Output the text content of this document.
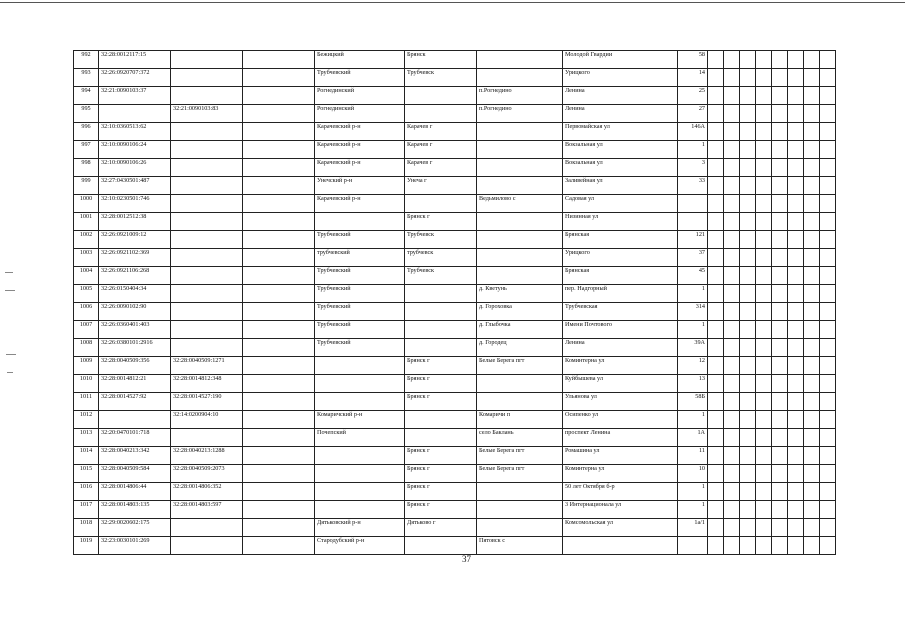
992	32:28:0012117:15			Бежицкий	Брянск		Молодой Гвардии	58								
993	32:26:0920707:372			Трубчевский	Трубчевск		Урицкого	14								
994	32:21:0090103:37			Рогнединский		п.Рогнедино	Ленина	25								
995		32:21:0090103:83		Рогнединский		п.Рогнедино	Ленина	27								
996	32:10:0360513:62			Карачевский р-н	Карачев г		Первомайская ул	146А								
997	32:10:0090106:24			Карачевский р-н	Карачев г		Вокзальная ул	1								
998	32:10:0090106:26			Карачевский р-н	Карачев г		Вокзальная ул	3								
999	32:27:0430501:487			Унечский р-н	Унеча г		Заливейная ул	33								
1000	32:10:0230501:746			Карачевский р-н		Ведьмиловo с	Садовая ул									
1001	32:28:0012512:38				Брянск г		Низинная ул									
1002	32:26:0921009:12			Трубчевский	Трубчевск		Брянская	121								
1003	32:26:0921102:369			трубчевский	трубчевск		Урицкого	37								
1004	32:26:0921106:268			Трубчевский	Трубчевск		Брянская	45								
1005	32:26:0150404:34			Трубчевский		д. Кветунь	пер. Надгорный	1								
1006	32:26:0090102:90			Трубчевский		д. Гороховка	Трубчевская	314								
1007	32:26:0360401:403			Трубчевский		д. Глыбочка	Имени Почтового	1								
1008	32:26:0380101:2916			Трубчевский		д. Городец	Ленина	39А								
1009	32:28:0040509:356	32:28:0040509:1271			Брянск г	Белые Берега пгт	Коминтерна ул	12								
1010	32:28:0014812:21	32:28:0014812:348			Брянск г		Куйбышева ул	13								
1011	32:28:0014527:92	32:28:0014527:190			Брянск г		Ульянова ул	58Б								
1012		32:14:0200904:10		Комаричский р-н		Комаричи п	Осипенко ул	1								
1013	32:20:0470101:718			Почепский		село Баклань	проспект Ленина	1А								
1014	32:28:0040213:342	32:28:0040213:1288			Брянск г	Белые Берега пгт	Ромашина ул	11								
1015	32:28:0040509:584	32:28:0040509:2073			Брянск г	Белые Берега пгт	Коминтерна ул	10								
1016	32:28:0014806:44	32:28:0014806:352			Брянск г		50 лет Октября б-р	1								
1017	32:28:0014803:135	32:28:0014803:597			Брянск г		3 Интернационала ул	1								
1018	32:29:0020602:175			Дятьковский р-н	Дятьково г		Комсомольская ул	1а/1								
1019	32:23:0030101:269			Стародубский р-н		Пятовск с										
37
